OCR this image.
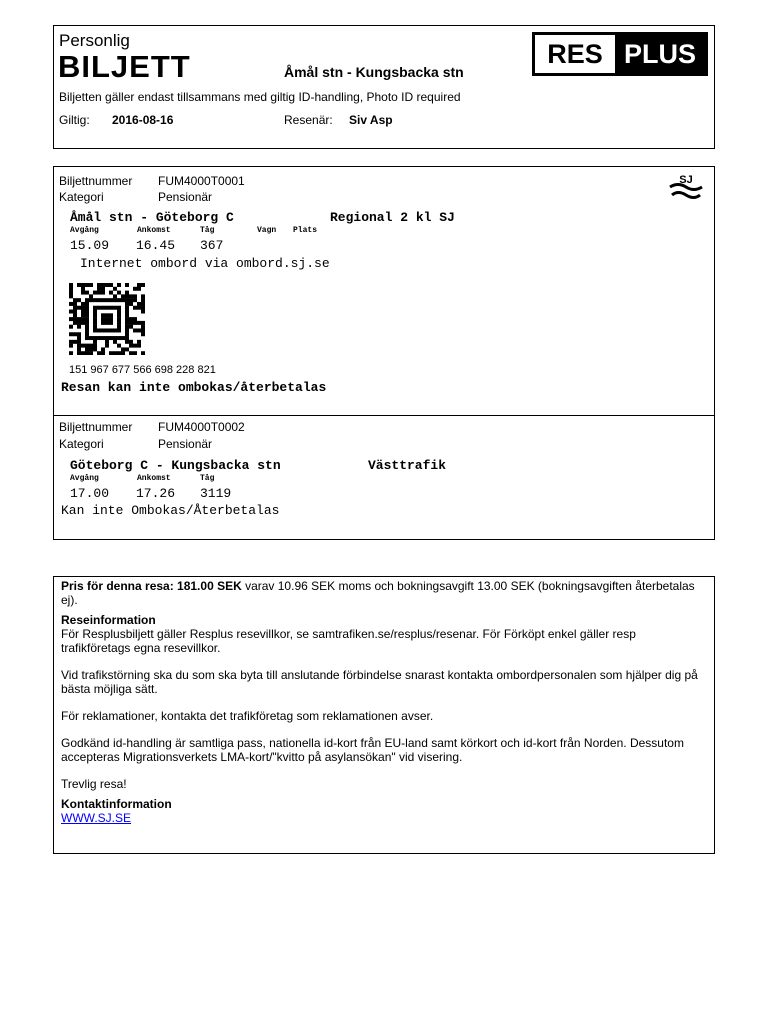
Personlig
BILJETT	Åmål stn - Kungsbacka stn
RES PLUS
Biljetten gäller endast tillsammans med giltig ID-handling, Photo ID required
Giltig: 2016-08-16	Resenär: Siv Asp
Biljettnummer FUM4000T0001
Kategori	Pensionär
SJ
Åmål stn - Göteborg C	Regional 2 kl SJ
Avgång	Ankomst	Tåg	Vagn Plats
15.09 16.45 367
Internet ombord via ombord.sj.se
151 967 677 566 698 228 821
Resan kan inte ombokas/återbetalas
Biljettnummer FUM4000T0002
Kategori	Pensionär
Göteborg C - Kungsbacka stn	Västtrafik
Avgång	Ankomst	Tåg
17.00 17.26 3119
Kan inte Ombokas/Återbetalas

Pris för denna resa: 181.00 SEK varav 10.96 SEK moms och bokningsavgift 13.00 SEK (bokningsavgiften återbetalas ej).

Reseinformation

För Resplusbiljett gäller Resplus resevillkor, se samtrafiken.se/resplus/resenar. För Förköpt enkel gäller resp trafikföretags egna resevillkor.

Vid trafikstörning ska du som ska byta till anslutande förbindelse snarast kontakta ombordpersonalen som hjälper dig på bästa möjliga sätt.

För reklamationer, kontakta det trafikföretag som reklamationen avser.

Godkänd id-handling är samtliga pass, nationella id-kort från EU-land samt körkort och id-kort från Norden. Dessutom accepteras Migrationsverkets LMA-kort/"kvitto på asylansökan" vid visering.

Trevlig resa!

Kontaktinformation

WWW.SJ.SE
